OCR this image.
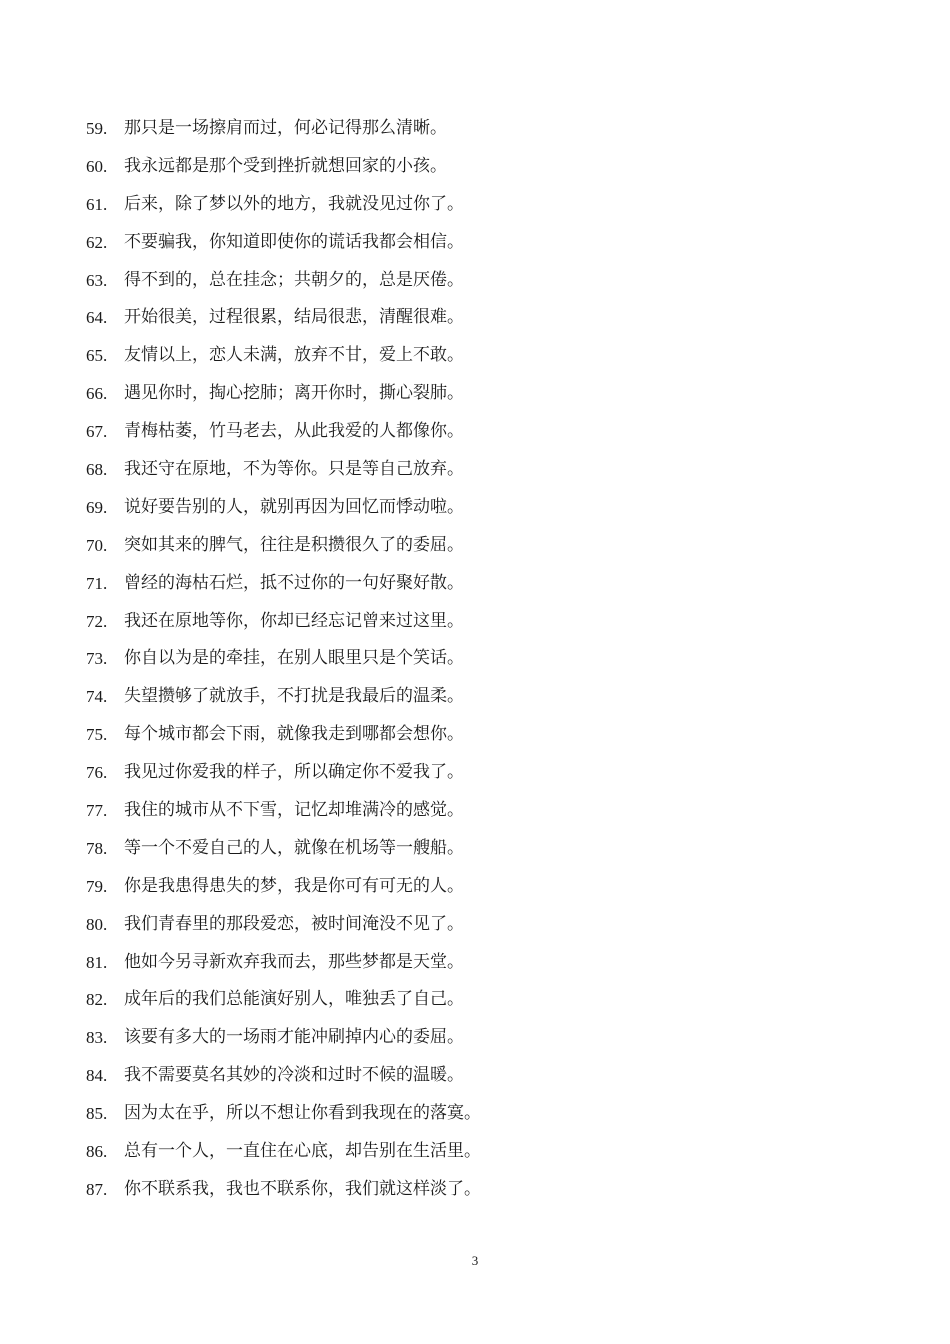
59. 那只是一场擦肩而过，何必记得那么清晰。
60. 我永远都是那个受到挫折就想回家的小孩。
61. 后来，除了梦以外的地方，我就没见过你了。
62. 不要骗我，你知道即使你的谎话我都会相信。
63. 得不到的，总在挂念；共朝夕的，总是厌倦。
64. 开始很美，过程很累，结局很悲，清醒很难。
65. 友情以上，恋人未满，放弃不甘，爱上不敢。
66. 遇见你时，掏心挖肺；离开你时，撕心裂肺。
67. 青梅枯萎，竹马老去，从此我爱的人都像你。
68. 我还守在原地，不为等你。只是等自己放弃。
69. 说好要告别的人，就别再因为回忆而悸动啦。
70. 突如其来的脾气，往往是积攒很久了的委屈。
71. 曾经的海枯石烂，抵不过你的一句好聚好散。
72. 我还在原地等你，你却已经忘记曾来过这里。
73. 你自以为是的牵挂，在别人眼里只是个笑话。
74. 失望攒够了就放手，不打扰是我最后的温柔。
75. 每个城市都会下雨，就像我走到哪都会想你。
76. 我见过你爱我的样子，所以确定你不爱我了。
77. 我住的城市从不下雪，记忆却堆满冷的感觉。
78. 等一个不爱自己的人，就像在机场等一艘船。
79. 你是我患得患失的梦，我是你可有可无的人。
80. 我们青春里的那段爱恋，被时间淹没不见了。
81. 他如今另寻新欢弃我而去，那些梦都是天堂。
82. 成年后的我们总能演好别人，唯独丢了自己。
83. 该要有多大的一场雨才能冲刷掉内心的委屈。
84. 我不需要莫名其妙的冷淡和过时不候的温暖。
85. 因为太在乎，所以不想让你看到我现在的落寞。
86. 总有一个人，一直住在心底，却告别在生活里。
87. 你不联系我，我也不联系你，我们就这样淡了。
3
